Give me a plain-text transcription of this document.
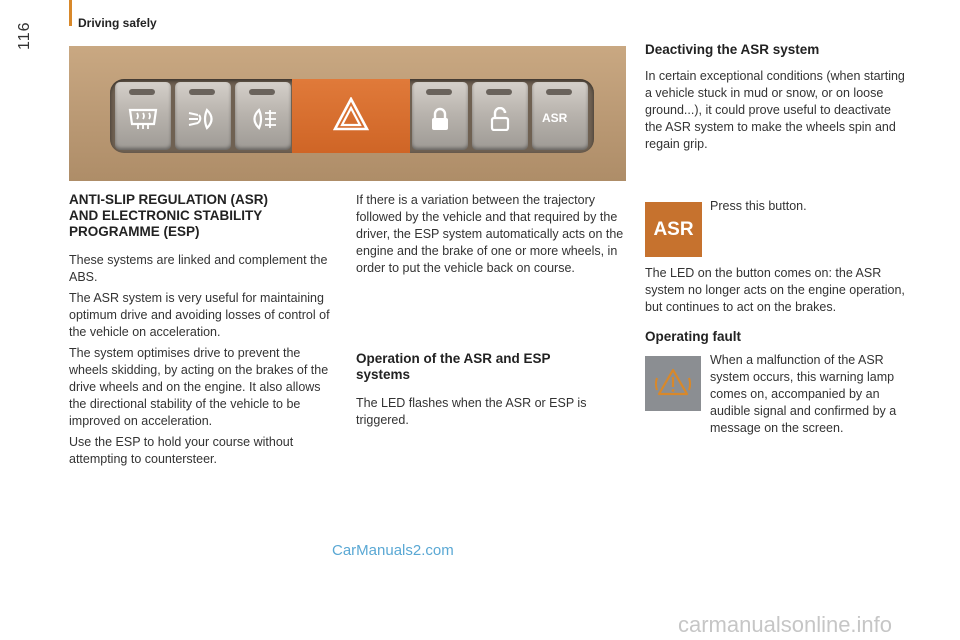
116	Driving safely
ASR
ANTI-SLIP REGULATION (ASR)
AND ELECTRONIC STABILITY
PROGRAMME (ESP)

These systems are linked and complement the ABS.

The ASR system is very useful for maintaining optimum drive and avoiding losses of control of the vehicle on acceleration.

The system optimises drive to prevent the wheels skidding, by acting on the brakes of the drive wheels and on the engine. It also allows the directional stability of the vehicle to be improved on acceleration.

Use the ESP to hold your course without attempting to countersteer.

If there is a variation between the trajectory followed by the vehicle and that required by the driver, the ESP system automatically acts on the engine and the brake of one or more wheels, in order to put the vehicle back on course.

Operation of the ASR and ESP systems

The LED flashes when the ASR or ESP is triggered.

Deactiving the ASR system

In certain exceptional conditions (when starting a vehicle stuck in mud or snow, or on loose ground...), it could prove useful to deactivate the ASR system to make the wheels spin and regain grip.

ASR

Press this button.

The LED on the button comes on: the ASR system no longer acts on the engine operation, but continues to act on the brakes.

Operating fault

When a malfunction of the ASR system occurs, this warning lamp comes on, accompanied by an audible signal and confirmed by a message on the screen.

CarManuals2.com
carmanualsonline.info
